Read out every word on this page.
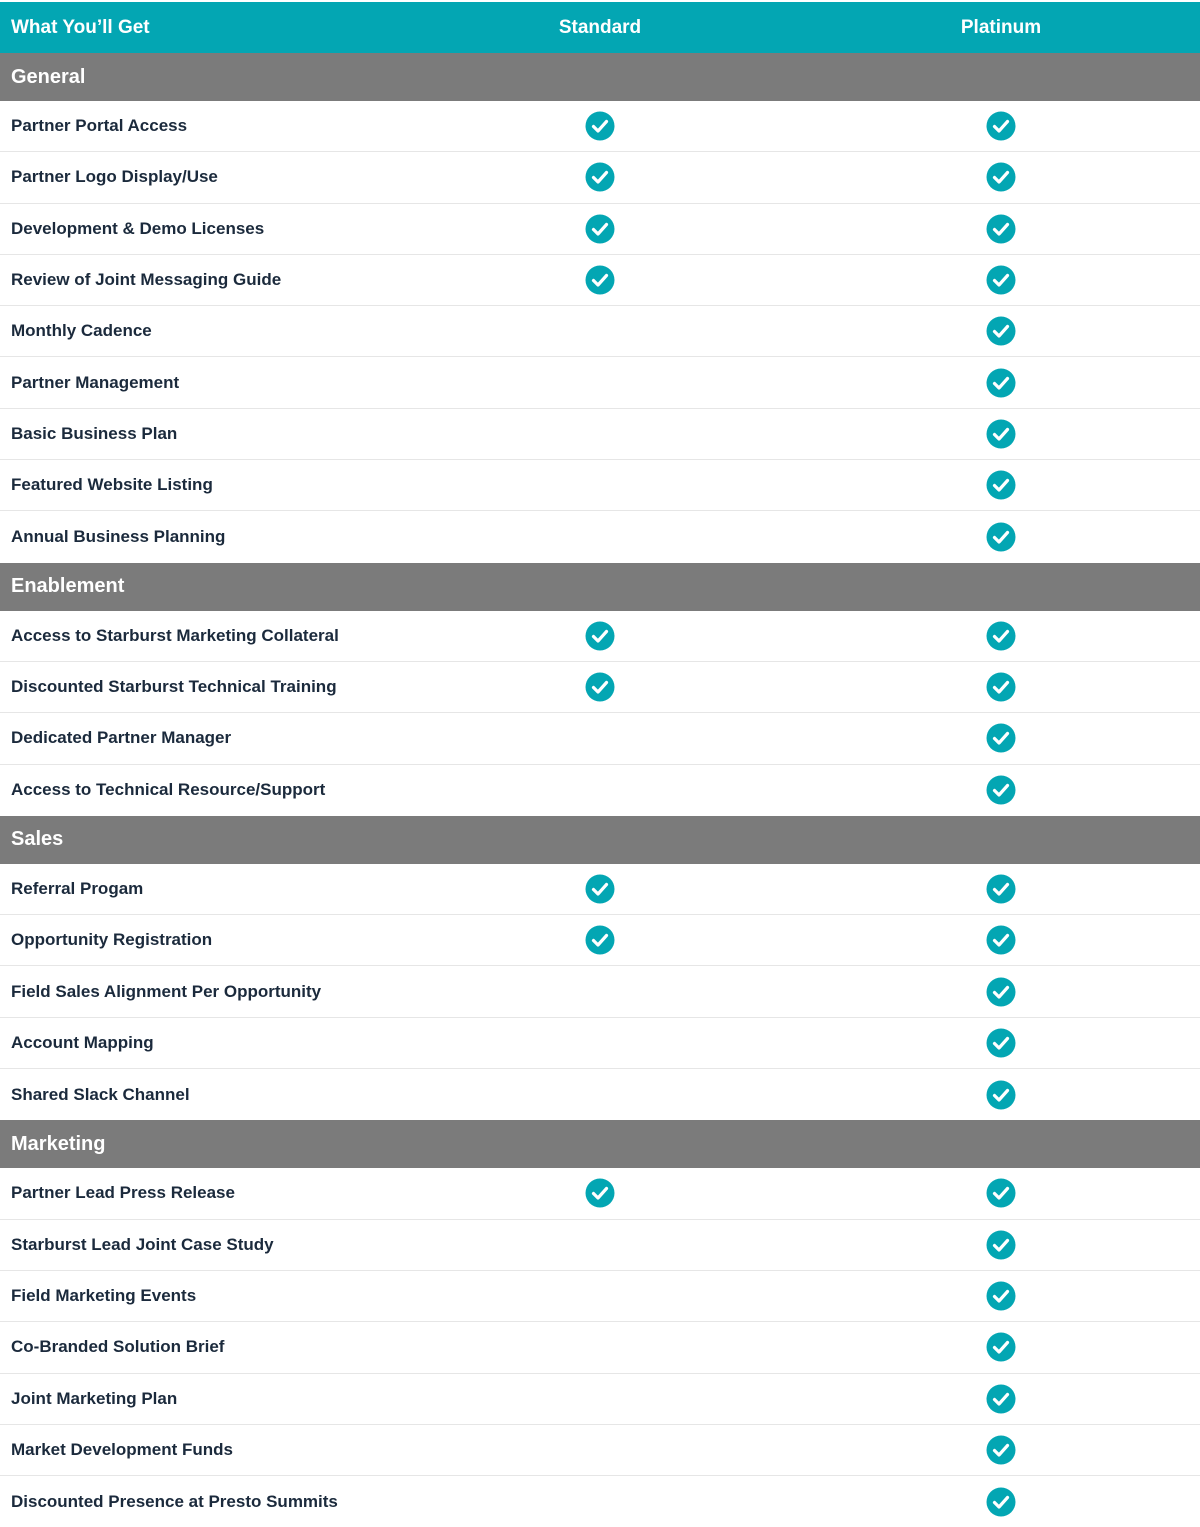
What You’ll Get	Standard	Platinum
General
Partner Portal Access
Partner Logo Display/Use
Development & Demo Licenses
Review of Joint Messaging Guide
Monthly Cadence
Partner Management
Basic Business Plan
Featured Website Listing
Annual Business Planning
Enablement
Access to Starburst Marketing Collateral
Discounted Starburst Technical Training
Dedicated Partner Manager
Access to Technical Resource/Support
Sales
Referral Progam
Opportunity Registration
Field Sales Alignment Per Opportunity
Account Mapping
Shared Slack Channel
Marketing
Partner Lead Press Release
Starburst Lead Joint Case Study
Field Marketing Events
Co-Branded Solution Brief
Joint Marketing Plan
Market Development Funds
Discounted Presence at Presto Summits
